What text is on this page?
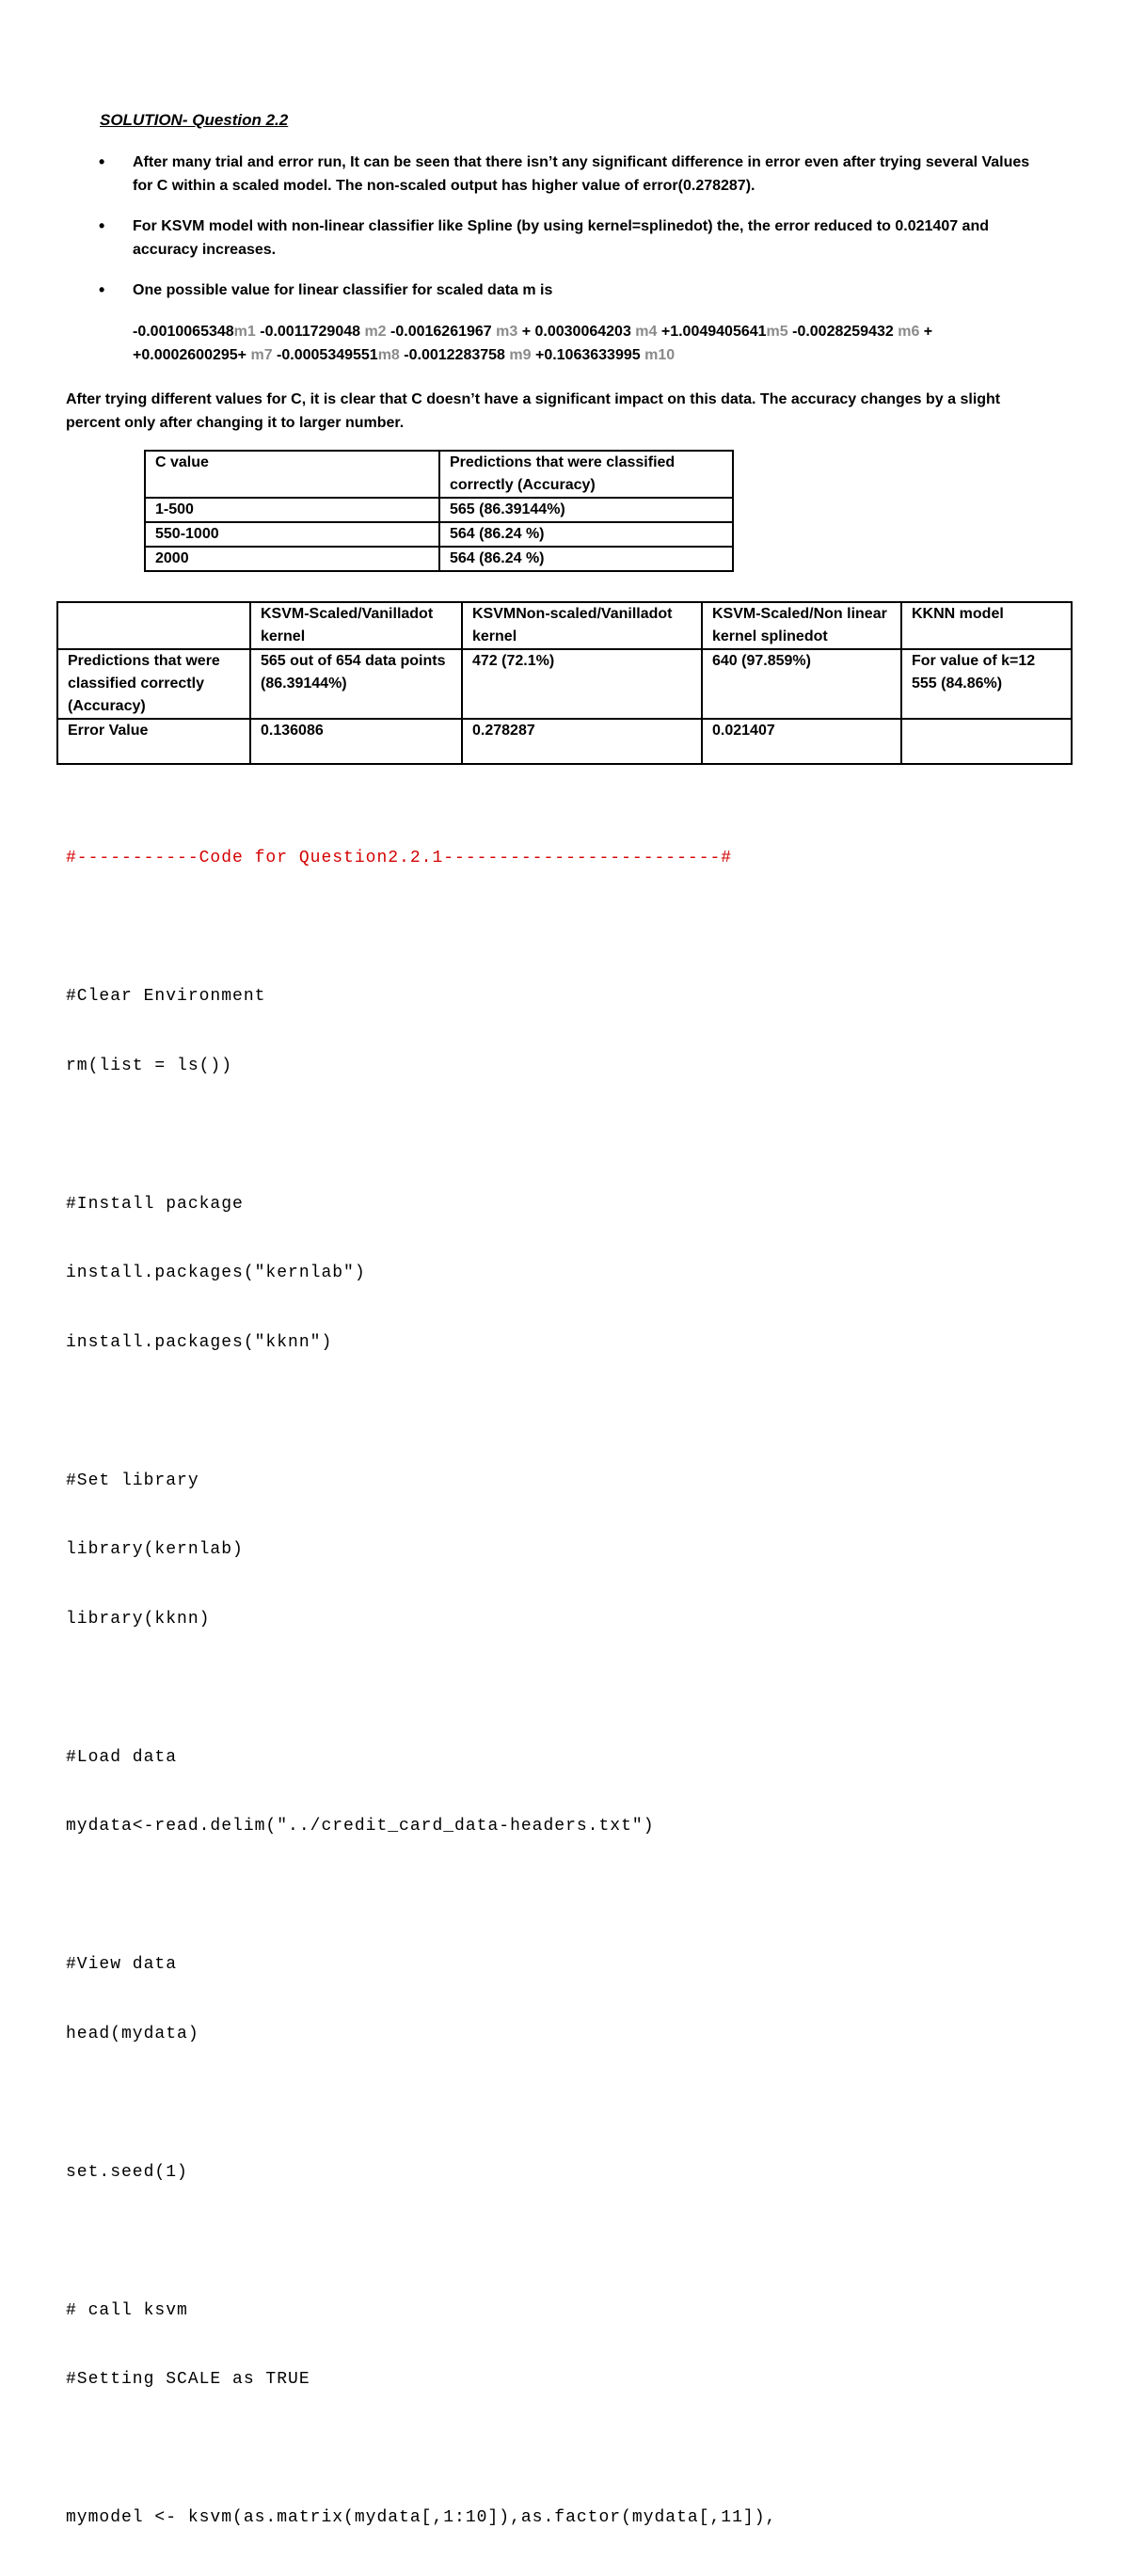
SOLUTION- Question 2.2
• After many trial and error run, It can be seen that there isn’t any significant difference in error even after trying several Values for C within a scaled model. The non-scaled output has higher value of error(0.278287).
• For KSVM model with non-linear classifier like Spline (by using kernel=splinedot) the, the error reduced to 0.021407 and accuracy increases.
• One possible value for linear classifier for scaled data m is
-0.0010065348m1 -0.0011729048 m2 -0.0016261967 m3 + 0.0030064203 m4 +1.0049405641m5 -0.0028259432 m6 + +0.0002600295+ m7 -0.0005349551m8 -0.0012283758 m9 +0.1063633995 m10
After trying different values for C, it is clear that C doesn’t have a significant impact on this data. The accuracy changes by a slight percent only after changing it to larger number.
C value	Predictions that were classified correctly (Accuracy)
1-500	565 (86.39144%)
550-1000	564 (86.24 %)
2000	564 (86.24 %)
	KSVM-Scaled/Vanilladot kernel	KSVMNon-scaled/Vanilladot kernel	KSVM-Scaled/Non linear kernel splinedot	KKNN model
Predictions that were classified correctly (Accuracy)	565 out of 654 data points (86.39144%)	472 (72.1%)	640 (97.859%)	For value of k=12 555 (84.86%)
Error Value	0.136086	0.278287	0.021407	

#-----------Code for Question2.2.1-------------------------#

#Clear Environment

rm(list = ls())

#Install package

install.packages("kernlab")

install.packages("kknn")

#Set library

library(kernlab)

library(kknn)

#Load data

mydata<-read.delim("../credit_card_data-headers.txt")

#View data

head(mydata)

set.seed(1)

# call ksvm

#Setting SCALE as TRUE

mymodel <- ksvm(as.matrix(mydata[,1:10]),as.factor(mydata[,11]),
